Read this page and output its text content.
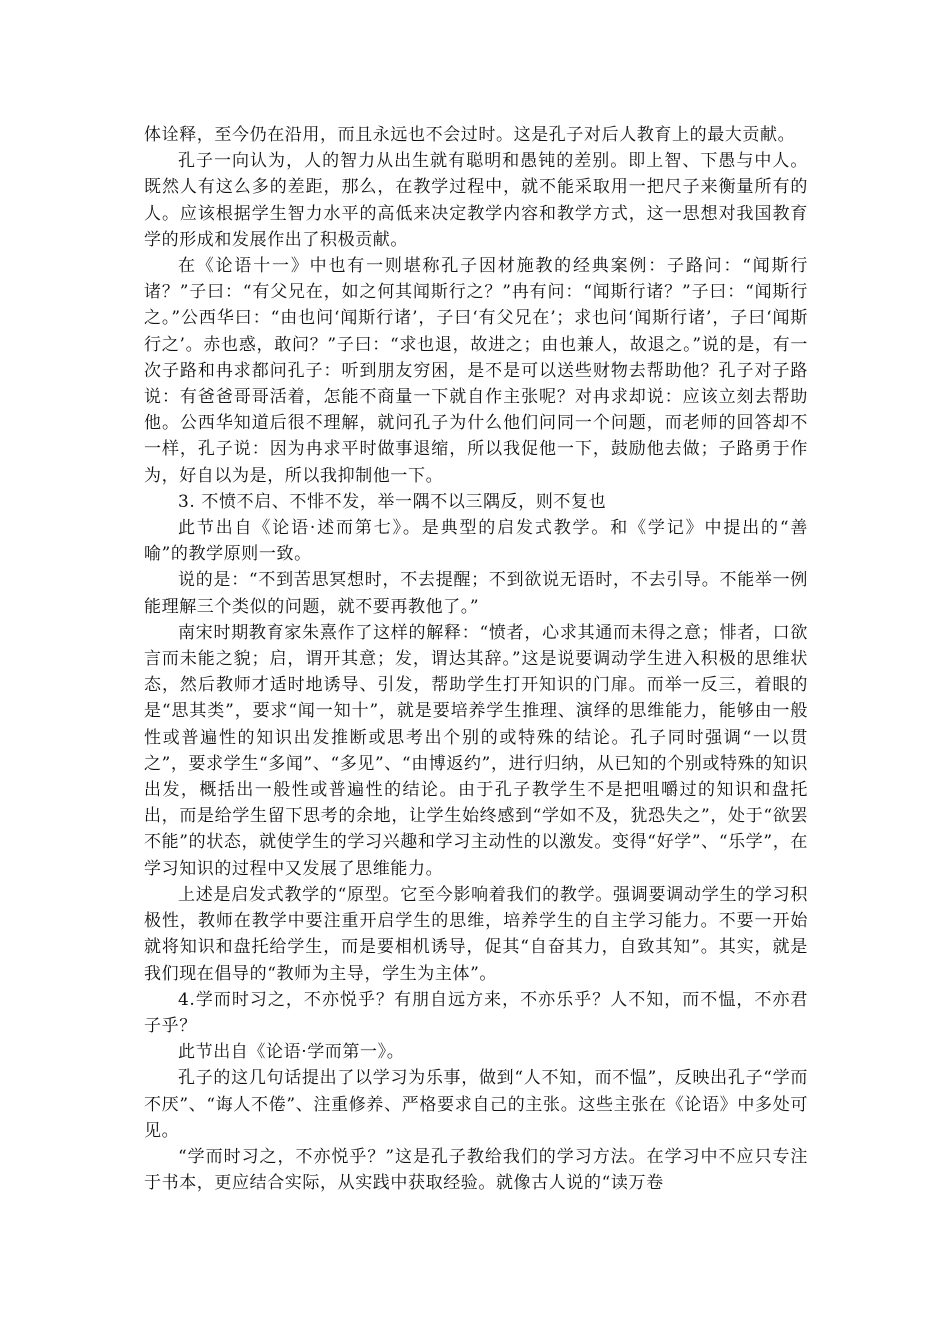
体诠释，至今仍在沿用，而且永远也不会过时。这是孔子对后人教育上的最大贡献。

孔子一向认为，人的智力从出生就有聪明和愚钝的差别。即上智、下愚与中人。既然人有这么多的差距，那么，在教学过程中，就不能采取用一把尺子来衡量所有的人。应该根据学生智力水平的高低来决定教学内容和教学方式，这一思想对我国教育学的形成和发展作出了积极贡献。

在《论语十一》中也有一则堪称孔子因材施教的经典案例：子路问：“闻斯行诸？”子曰：“有父兄在，如之何其闻斯行之？”冉有问：“闻斯行诸？”子曰：“闻斯行之。”公西华曰：“由也问‘闻斯行诸’，子曰‘有父兄在’；求也问‘闻斯行诸’，子曰‘闻斯行之’。赤也惑，敢问？”子曰：“求也退，故进之；由也兼人，故退之。”说的是，有一次子路和冉求都问孔子：听到朋友穷困，是不是可以送些财物去帮助他？孔子对子路说：有爸爸哥哥活着，怎能不商量一下就自作主张呢？对冉求却说：应该立刻去帮助他。公西华知道后很不理解，就问孔子为什么他们问同一个问题，而老师的回答却不一样，孔子说：因为冉求平时做事退缩，所以我促他一下，鼓励他去做；子路勇于作为，好自以为是，所以我抑制他一下。

3. 不愤不启、不悱不发，举一隅不以三隅反，则不复也

此节出自《论语·述而第七》。是典型的启发式教学。和《学记》中提出的“善喻”的教学原则一致。

说的是：“不到苦思冥想时，不去提醒；不到欲说无语时，不去引导。不能举一例能理解三个类似的问题，就不要再教他了。”

南宋时期教育家朱熹作了这样的解释：“愤者，心求其通而未得之意；悱者，口欲言而未能之貌；启，谓开其意；发，谓达其辞。”这是说要调动学生进入积极的思维状态，然后教师才适时地诱导、引发，帮助学生打开知识的门扉。而举一反三，着眼的是“思其类”，要求“闻一知十”，就是要培养学生推理、演绎的思维能力，能够由一般性或普遍性的知识出发推断或思考出个别的或特殊的结论。孔子同时强调“一以贯之”，要求学生“多闻”、“多见”、“由博返约”，进行归纳，从已知的个别或特殊的知识出发，概括出一般性或普遍性的结论。由于孔子教学生不是把咀嚼过的知识和盘托出，而是给学生留下思考的余地，让学生始终感到“学如不及，犹恐失之”，处于“欲罢不能”的状态，就使学生的学习兴趣和学习主动性的以激发。变得“好学”、“乐学”，在学习知识的过程中又发展了思维能力。

上述是启发式教学的“原型。它至今影响着我们的教学。强调要调动学生的学习积极性，教师在教学中要注重开启学生的思维，培养学生的自主学习能力。不要一开始就将知识和盘托给学生，而是要相机诱导，促其“自奋其力，自致其知”。其实，就是我们现在倡导的“教师为主导，学生为主体”。

4.学而时习之，不亦悦乎？有朋自远方来，不亦乐乎？人不知，而不愠，不亦君子乎？

此节出自《论语·学而第一》。

孔子的这几句话提出了以学习为乐事，做到“人不知，而不愠”，反映出孔子“学而不厌”、“诲人不倦”、注重修养、严格要求自己的主张。这些主张在《论语》中多处可见。

“学而时习之，不亦悦乎？”这是孔子教给我们的学习方法。在学习中不应只专注于书本，更应结合实际，从实践中获取经验。就像古人说的“读万卷
